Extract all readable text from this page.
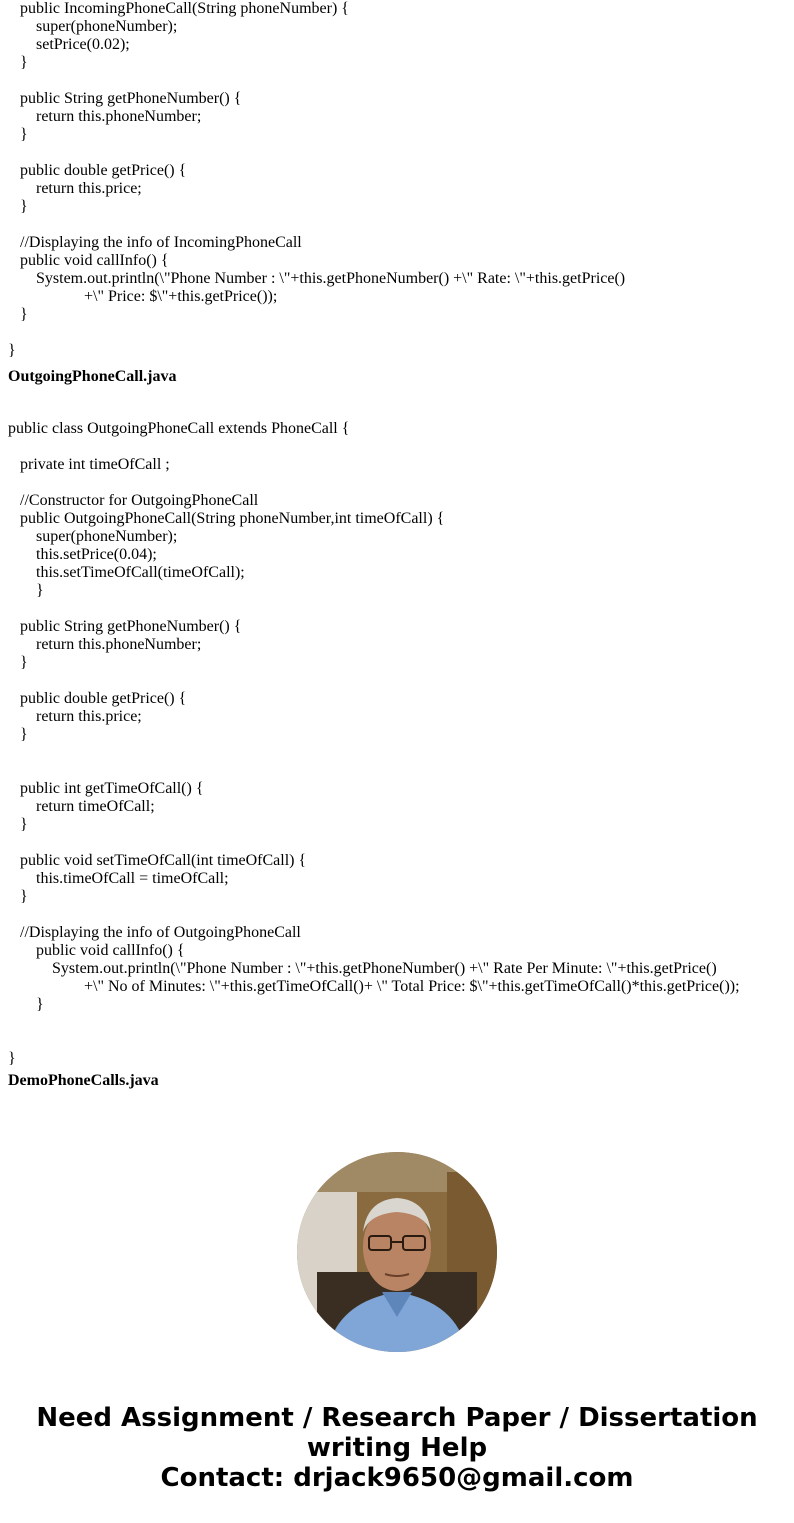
public IncomingPhoneCall(String phoneNumber) {
super(phoneNumber);
setPrice(0.02);
}
public String getPhoneNumber() {
return this.phoneNumber;
}
public double getPrice() {
return this.price;
}
//Displaying the info of IncomingPhoneCall
public void callInfo() {
System.out.println(\"Phone Number : \"+this.getPhoneNumber() +\" Rate: \"+this.getPrice()
+\" Price: $\"+this.getPrice());
}
}
OutgoingPhoneCall.java
public class OutgoingPhoneCall extends PhoneCall {
private int timeOfCall ;
//Constructor for OutgoingPhoneCall
public OutgoingPhoneCall(String phoneNumber,int timeOfCall) {
super(phoneNumber);
this.setPrice(0.04);
this.setTimeOfCall(timeOfCall);
}
public String getPhoneNumber() {
return this.phoneNumber;
}
public double getPrice() {
return this.price;
}
public int getTimeOfCall() {
return timeOfCall;
}
public void setTimeOfCall(int timeOfCall) {
this.timeOfCall = timeOfCall;
}
//Displaying the info of OutgoingPhoneCall
public void callInfo() {
System.out.println(\"Phone Number : \"+this.getPhoneNumber() +\" Rate Per Minute: \"+this.getPrice()
+\" No of Minutes: \"+this.getTimeOfCall()+ \" Total Price: $\"+this.getTimeOfCall()*this.getPrice());
}
}
DemoPhoneCalls.java
Need Assignment / Research Paper / Dissertation
writing Help
Contact: drjack9650@gmail.com
